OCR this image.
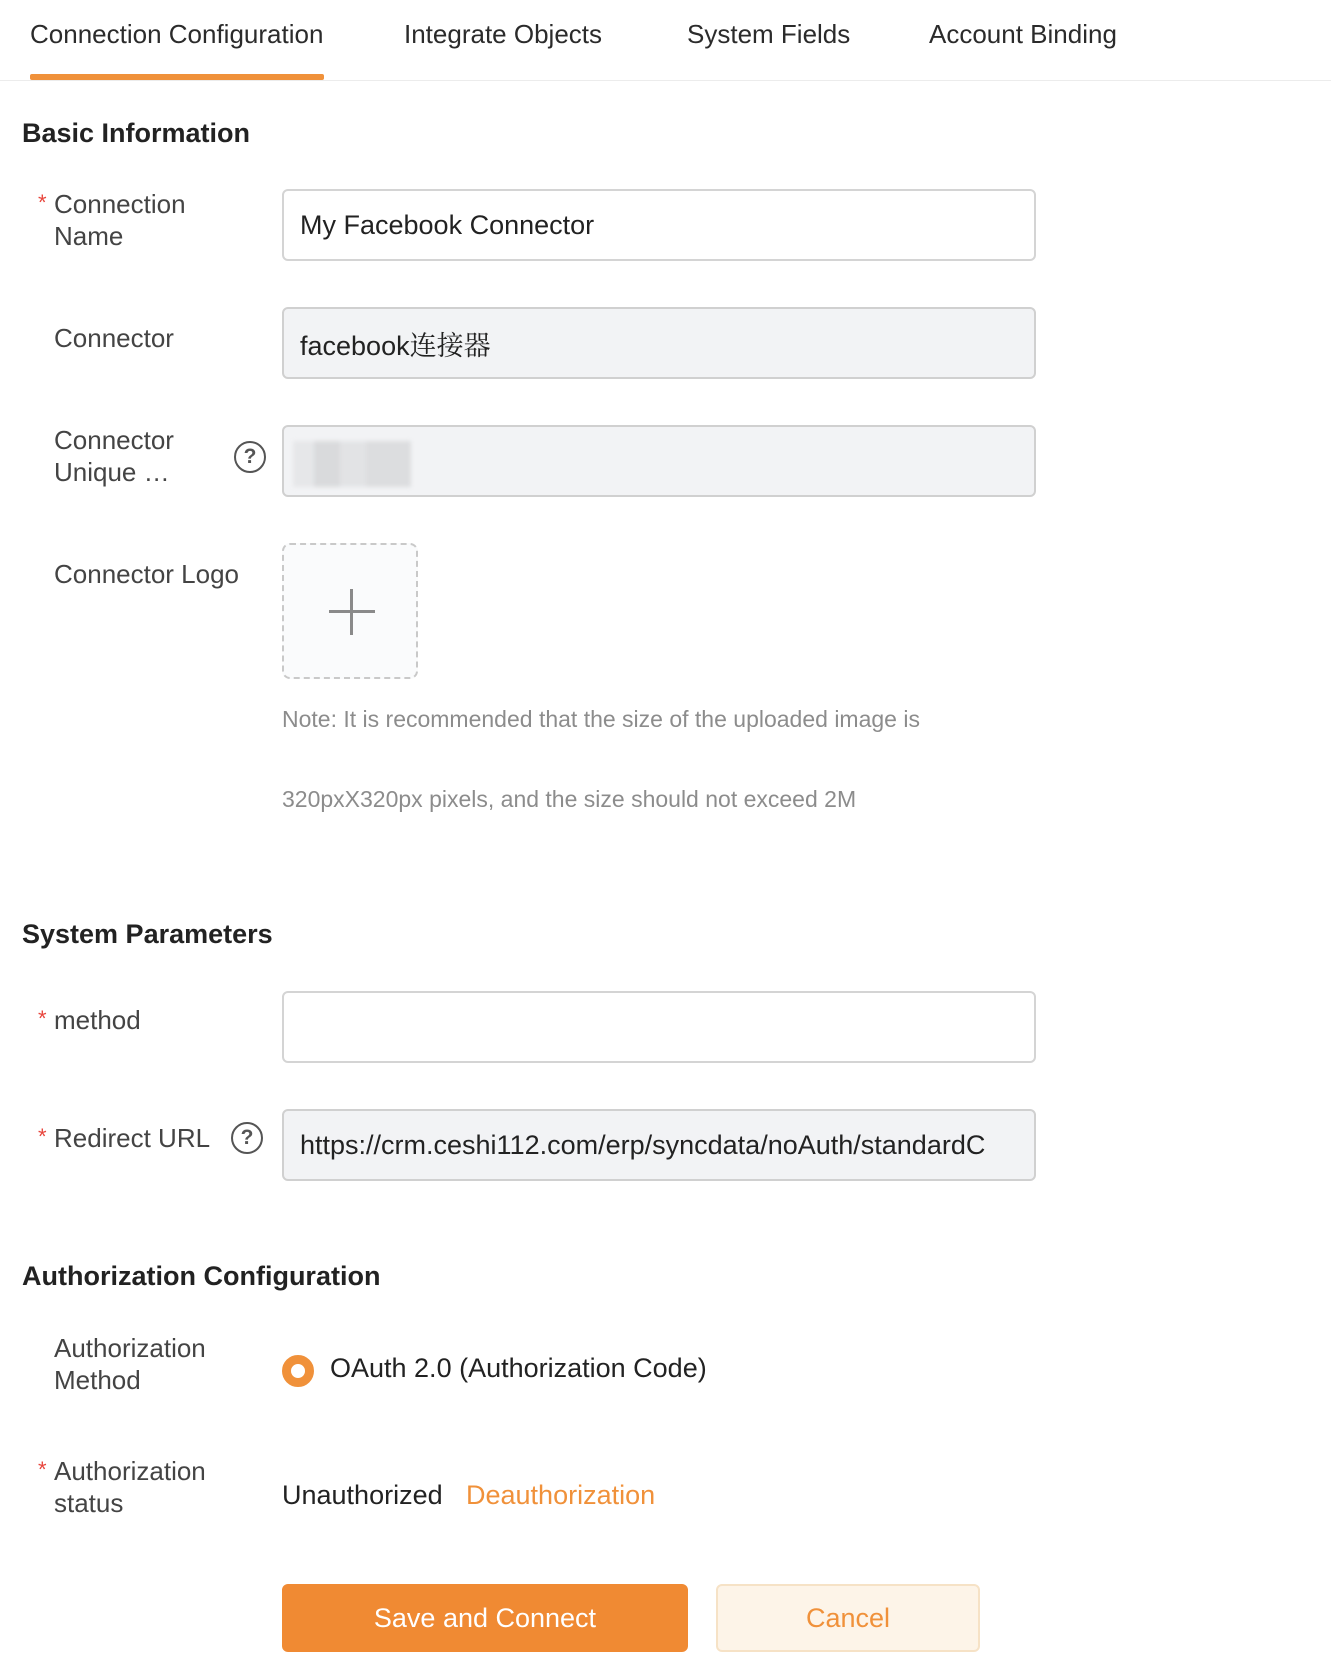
Connection Configuration	Integrate Objects	System Fields	Account Binding
Basic Information
* Connection
Name	My Facebook Connector
Connector	facebook连接器
Connector
Unique …
?
Connector Logo
Note: It is recommended that the size of the uploaded image is
320pxX320px pixels, and the size should not exceed 2M
System Parameters
* method
* Redirect URL	?	https://crm.ceshi112.com/erp/syncdata/noAuth/standardC
Authorization Configuration
Authorization
Method	OAuth 2.0 (Authorization Code)
* Authorization
status	Unauthorized Deauthorization
Save and Connect	Cancel
